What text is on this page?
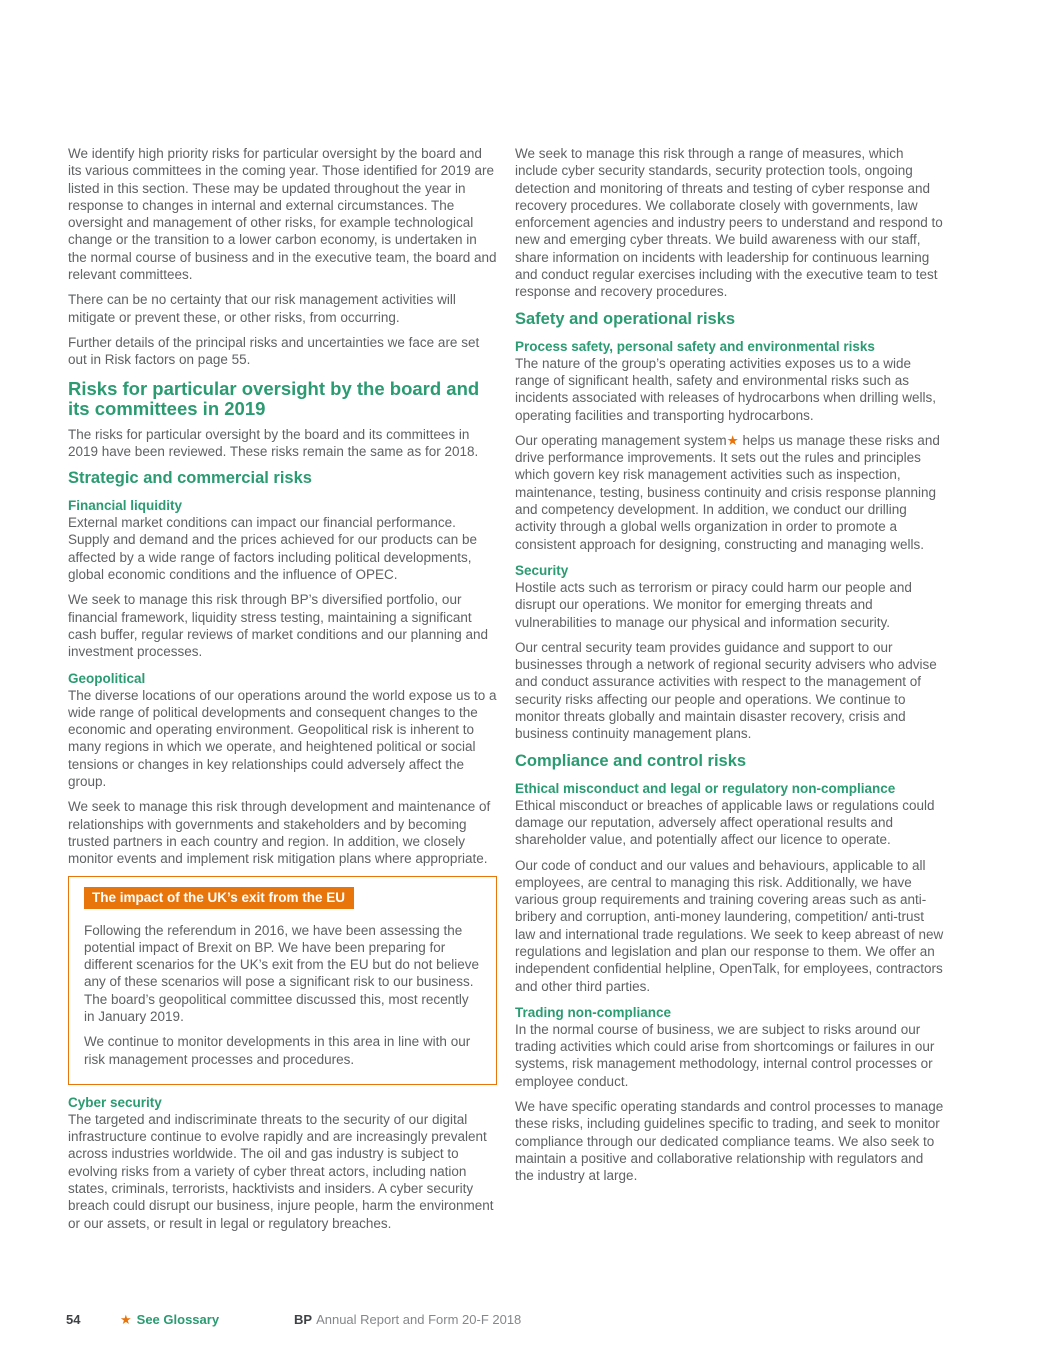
We identify high priority risks for particular oversight by the board and its various committees in the coming year. Those identified for 2019 are listed in this section. These may be updated throughout the year in response to changes in internal and external circumstances. The oversight and management of other risks, for example technological change or the transition to a lower carbon economy, is undertaken in the normal course of business and in the executive team, the board and relevant committees.

There can be no certainty that our risk management activities will mitigate or prevent these, or other risks, from occurring.

Further details of the principal risks and uncertainties we face are set out in Risk factors on page 55.

Risks for particular oversight by the board and its committees in 2019

The risks for particular oversight by the board and its committees in 2019 have been reviewed. These risks remain the same as for 2018.

Strategic and commercial risks
Financial liquidity

External market conditions can impact our financial performance. Supply and demand and the prices achieved for our products can be affected by a wide range of factors including political developments, global economic conditions and the influence of OPEC.

We seek to manage this risk through BP’s diversified portfolio, our financial framework, liquidity stress testing, maintaining a significant cash buffer, regular reviews of market conditions and our planning and investment processes.

Geopolitical

The diverse locations of our operations around the world expose us to a wide range of political developments and consequent changes to the economic and operating environment. Geopolitical risk is inherent to many regions in which we operate, and heightened political or social tensions or changes in key relationships could adversely affect the group.

We seek to manage this risk through development and maintenance of relationships with governments and stakeholders and by becoming trusted partners in each country and region. In addition, we closely monitor events and implement risk mitigation plans where appropriate.

The impact of the UK’s exit from the EU

Following the referendum in 2016, we have been assessing the potential impact of Brexit on BP. We have been preparing for different scenarios for the UK’s exit from the EU but do not believe any of these scenarios will pose a significant risk to our business. The board’s geopolitical committee discussed this, most recently in January 2019.

We continue to monitor developments in this area in line with our risk management processes and procedures.

Cyber security

The targeted and indiscriminate threats to the security of our digital infrastructure continue to evolve rapidly and are increasingly prevalent across industries worldwide. The oil and gas industry is subject to evolving risks from a variety of cyber threat actors, including nation states, criminals, terrorists, hacktivists and insiders. A cyber security breach could disrupt our business, injure people, harm the environment or our assets, or result in legal or regulatory breaches.

We seek to manage this risk through a range of measures, which include cyber security standards, security protection tools, ongoing detection and monitoring of threats and testing of cyber response and recovery procedures. We collaborate closely with governments, law enforcement agencies and industry peers to understand and respond to new and emerging cyber threats. We build awareness with our staff, share information on incidents with leadership for continuous learning and conduct regular exercises including with the executive team to test response and recovery procedures.

Safety and operational risks
Process safety, personal safety and environmental risks

The nature of the group’s operating activities exposes us to a wide range of significant health, safety and environmental risks such as incidents associated with releases of hydrocarbons when drilling wells, operating facilities and transporting hydrocarbons.

Our operating management system★ helps us manage these risks and drive performance improvements. It sets out the rules and principles which govern key risk management activities such as inspection, maintenance, testing, business continuity and crisis response planning and competency development. In addition, we conduct our drilling activity through a global wells organization in order to promote a consistent approach for designing, constructing and managing wells.

Security

Hostile acts such as terrorism or piracy could harm our people and disrupt our operations. We monitor for emerging threats and vulnerabilities to manage our physical and information security.

Our central security team provides guidance and support to our businesses through a network of regional security advisers who advise and conduct assurance activities with respect to the management of security risks affecting our people and operations. We continue to monitor threats globally and maintain disaster recovery, crisis and business continuity management plans.

Compliance and control risks
Ethical misconduct and legal or regulatory non-compliance

Ethical misconduct or breaches of applicable laws or regulations could damage our reputation, adversely affect operational results and shareholder value, and potentially affect our licence to operate.

Our code of conduct and our values and behaviours, applicable to all employees, are central to managing this risk. Additionally, we have various group requirements and training covering areas such as anti-bribery and corruption, anti-money laundering, competition/ anti-trust law and international trade regulations. We seek to keep abreast of new regulations and legislation and plan our response to them. We offer an independent confidential helpline, OpenTalk, for employees, contractors and other third parties.

Trading non-compliance

In the normal course of business, we are subject to risks around our trading activities which could arise from shortcomings or failures in our systems, risk management methodology, internal control processes or employee conduct.

We have specific operating standards and control processes to manage these risks, including guidelines specific to trading, and seek to monitor compliance through our dedicated compliance teams. We also seek to maintain a positive and collaborative relationship with regulators and the industry at large.

54	★ See Glossary	BP Annual Report and Form 20-F 2018
